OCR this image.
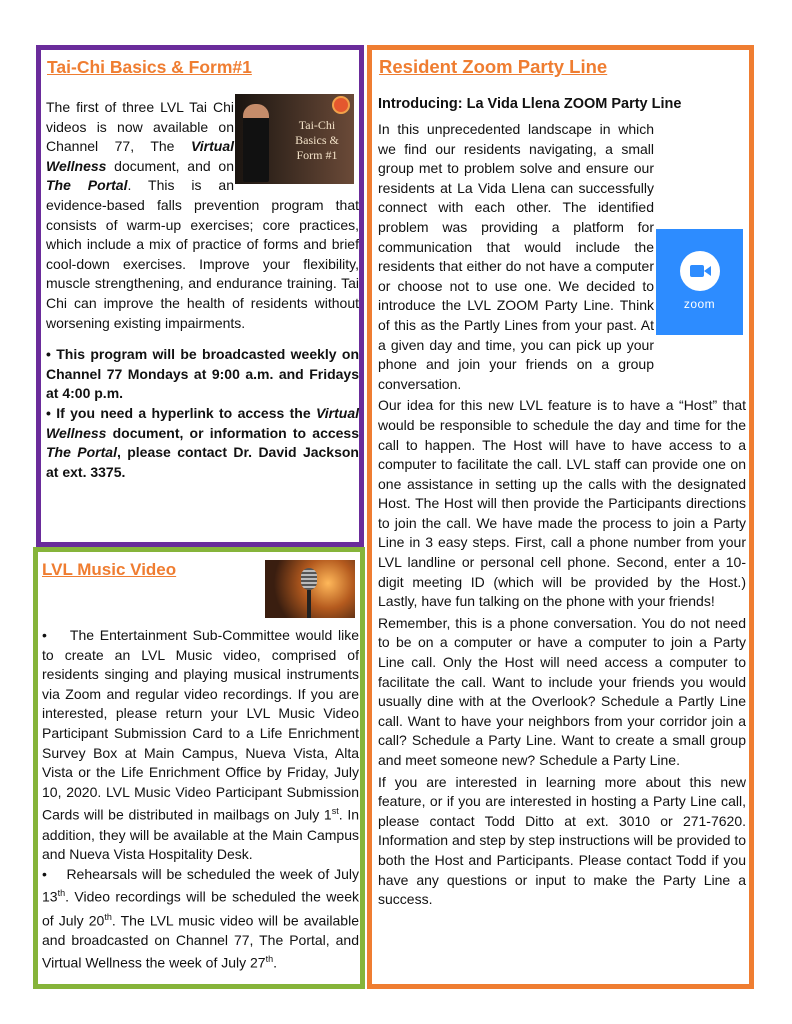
Tai-Chi Basics & Form#1
Tai-Chi Basics & Form #1

The first of three LVL Tai Chi videos is now available on Channel 77, The Virtual Wellness document, and on The Portal. This is an evidence-based falls prevention program that consists of warm-up exercises; core practices, which include a mix of practice of forms and brief cool-down exercises. Improve your flexibility, muscle strengthening, and endurance training. Tai Chi can improve the health of residents without worsening existing impairments.

• This program will be broadcasted weekly on Channel 77 Mondays at 9:00 a.m. and Fridays at 4:00 p.m.

• If you need a hyperlink to access the Virtual Wellness document, or information to access The Portal, please contact Dr. David Jackson at ext. 3375.

LVL Music Video

•    The Entertainment Sub-Committee would like to create an LVL Music video, comprised of residents singing and playing musical instruments via Zoom and regular video recordings. If you are interested, please return your LVL Music Video Participant Submission Card to a Life Enrichment Survey Box at Main Campus, Nueva Vista, Alta Vista or the Life Enrichment Office by Friday, July 10, 2020. LVL Music Video Participant Submission Cards will be distributed in mailbags on July 1st. In addition, they will be available at the Main Campus and Nueva Vista Hospitality Desk.

•    Rehearsals will be scheduled the week of July 13th. Video recordings will be scheduled the week of July 20th. The LVL music video will be available and broadcasted on Channel 77, The Portal, and Virtual Wellness the week of July 27th.

Resident Zoom Party Line
Introducing: La Vida Llena ZOOM Party Line
zoom

In this unprecedented landscape in which we find our residents navigating, a small group met to problem solve and ensure our residents at La Vida Llena can successfully connect with each other. The identified problem was providing a platform for communication that would include the residents that either do not have a computer or choose not to use one. We decided to introduce the LVL ZOOM Party Line. Think of this as the Partly Lines from your past. At a given day and time, you can pick up your phone and join your friends on a group conversation.

Our idea for this new LVL feature is to have a “Host” that would be responsible to schedule the day and time for the call to happen. The Host will have to have access to a computer to facilitate the call. LVL staff can provide one on one assistance in setting up the calls with the designated Host. The Host will then provide the Participants directions to join the call. We have made the process to join a Party Line in 3 easy steps. First, call a phone number from your LVL landline or personal cell phone. Second, enter a 10-digit meeting ID (which will be provided by the Host.) Lastly, have fun talking on the phone with your friends!

Remember, this is a phone conversation. You do not need to be on a computer or have a computer to join a Party Line call. Only the Host will need access a computer to facilitate the call. Want to include your friends you would usually dine with at the Overlook? Schedule a Partly Line call. Want to have your neighbors from your corridor join a call? Schedule a Party Line. Want to create a small group and meet someone new? Schedule a Party Line.

If you are interested in learning more about this new feature, or if you are interested in hosting a Party Line call, please contact Todd Ditto at ext. 3010 or 271-7620. Information and step by step instructions will be provided to both the Host and Participants. Please contact Todd if you have any questions or input to make the Party Line a success.
